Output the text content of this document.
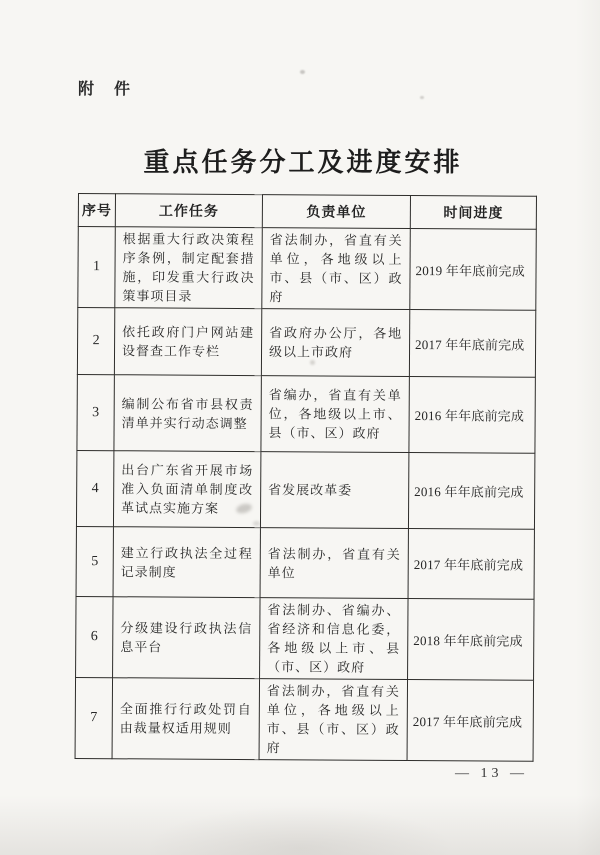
附　件
重点任务分工及进度安排
序号	工作任务	负责单位	时间进度
1	根据重大行政决策程序条例，制定配套措施，印发重大行政决策事项目录	省法制办，省直有关单位，各地级以上市、县（市、区）政府	2019 年年底前完成
2	依托政府门户网站建设督查工作专栏	省政府办公厅，各地级以上市政府	2017 年年底前完成
3	编制公布省市县权责清单并实行动态调整	省编办，省直有关单位，各地级以上市、县（市、区）政府	2016 年年底前完成
4	出台广东省开展市场准入负面清单制度改革试点实施方案	省发展改革委	2016 年年底前完成
5	建立行政执法全过程记录制度	省法制办，省直有关单位	2017 年年底前完成
6	分级建设行政执法信息平台	省法制办、省编办、省经济和信息化委，各地级以上市、县（市、区）政府	2018 年年底前完成
7	全面推行行政处罚自由裁量权适用规则	省法制办，省直有关单位，各地级以上市、县（市、区）政府	2017 年年底前完成
— 13 —
